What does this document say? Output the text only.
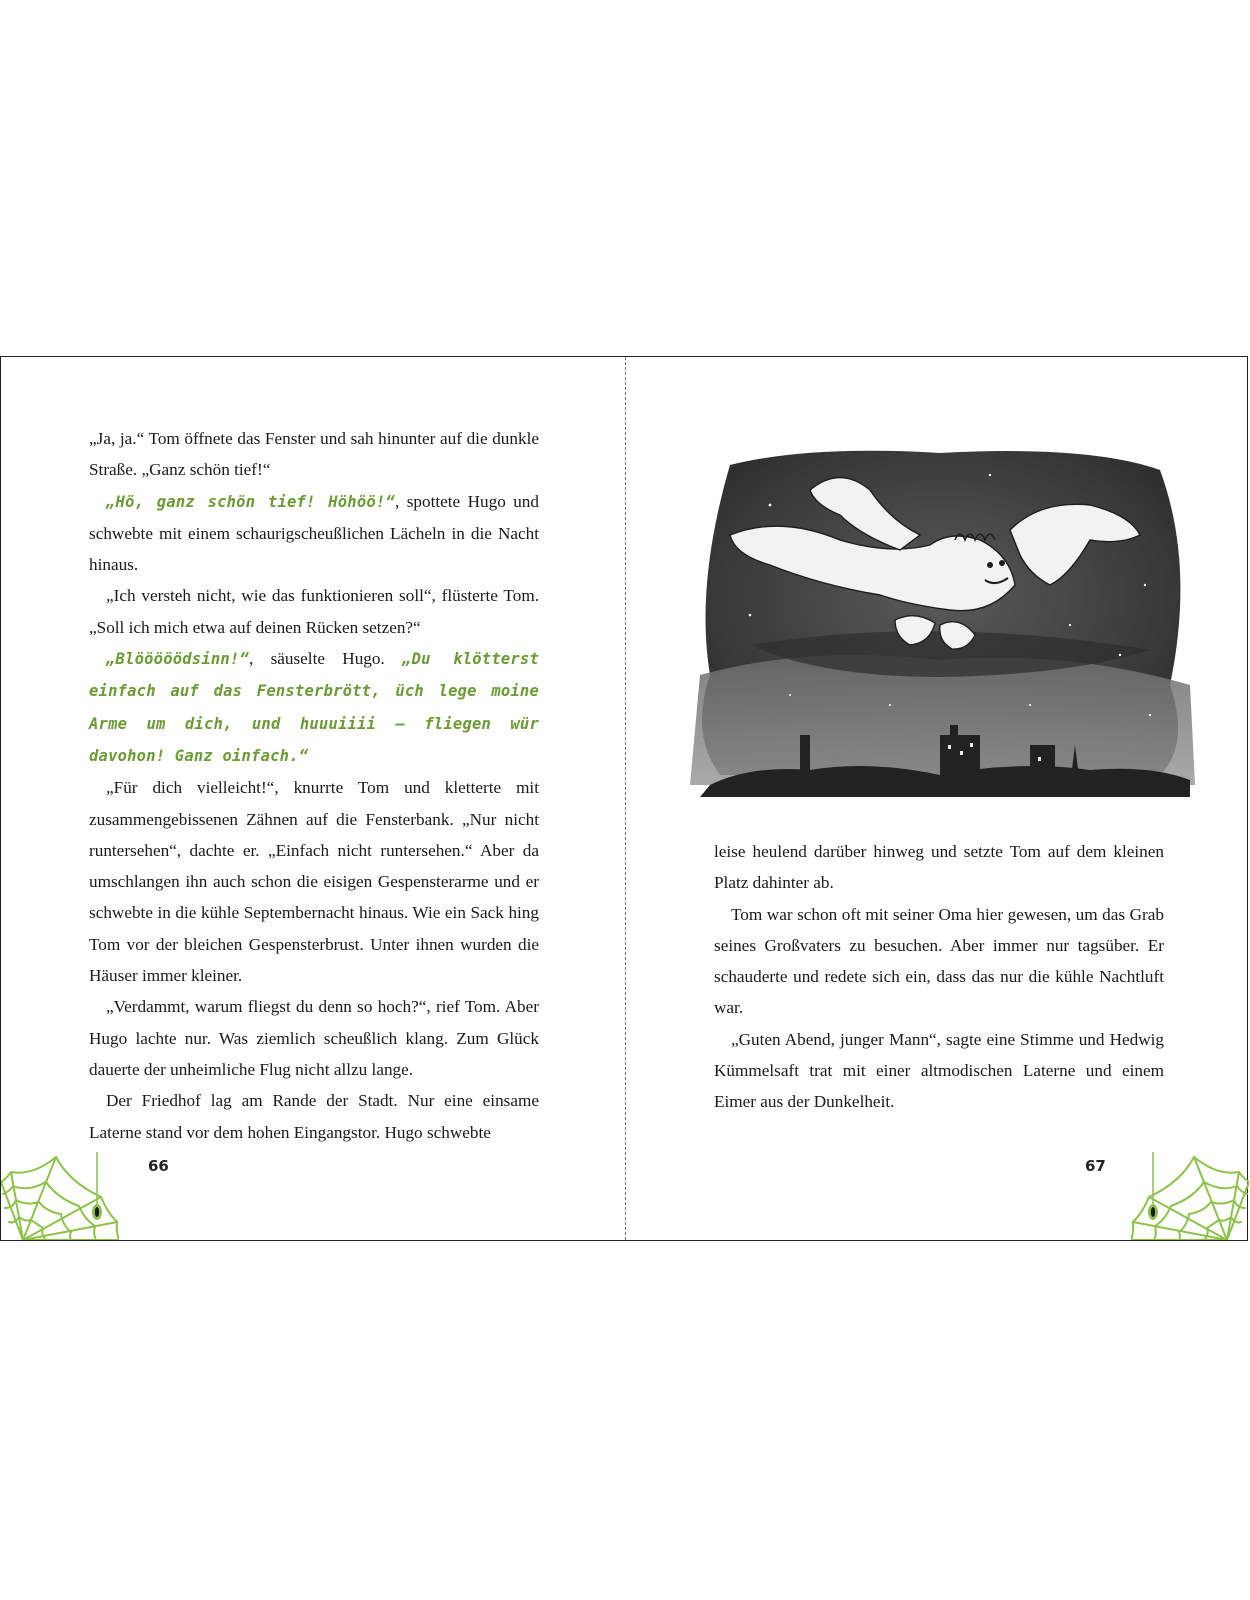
„Ja, ja.“ Tom öffnete das Fenster und sah hinunter auf die dunkle Straße. „Ganz schön tief!“

„Hö, ganz schön tief! Höhöö!“, spottete Hugo und schwebte mit einem schaurigscheußlichen Lächeln in die Nacht hinaus.

„Ich versteh nicht, wie das funktionieren soll“, flüsterte Tom. „Soll ich mich etwa auf deinen Rücken setzen?“

„Blööööödsinn!“, säuselte Hugo. „Du klötterst einfach auf das Fensterbrött, üch lege moine Arme um dich, und huuuiiii – fliegen wür davohon! Ganz oinfach.“

„Für dich vielleicht!“, knurrte Tom und kletterte mit zusammengebissenen Zähnen auf die Fensterbank. „Nur nicht runtersehen“, dachte er. „Einfach nicht runtersehen.“ Aber da umschlangen ihn auch schon die eisigen Gespensterarme und er schwebte in die kühle Septembernacht hinaus. Wie ein Sack hing Tom vor der bleichen Gespensterbrust. Unter ihnen wurden die Häuser immer kleiner.

„Verdammt, warum fliegst du denn so hoch?“, rief Tom. Aber Hugo lachte nur. Was ziemlich scheußlich klang. Zum Glück dauerte der unheimliche Flug nicht allzu lange.

Der Friedhof lag am Rande der Stadt. Nur eine einsame Laterne stand vor dem hohen Eingangstor. Hugo schwebte

66

leise heulend darüber hinweg und setzte Tom auf dem kleinen Platz dahinter ab.

Tom war schon oft mit seiner Oma hier gewesen, um das Grab seines Großvaters zu besuchen. Aber immer nur tagsüber. Er schauderte und redete sich ein, dass das nur die kühle Nachtluft war.

„Guten Abend, junger Mann“, sagte eine Stimme und Hedwig Kümmelsaft trat mit einer altmodischen Laterne und einem Eimer aus der Dunkelheit.

67
